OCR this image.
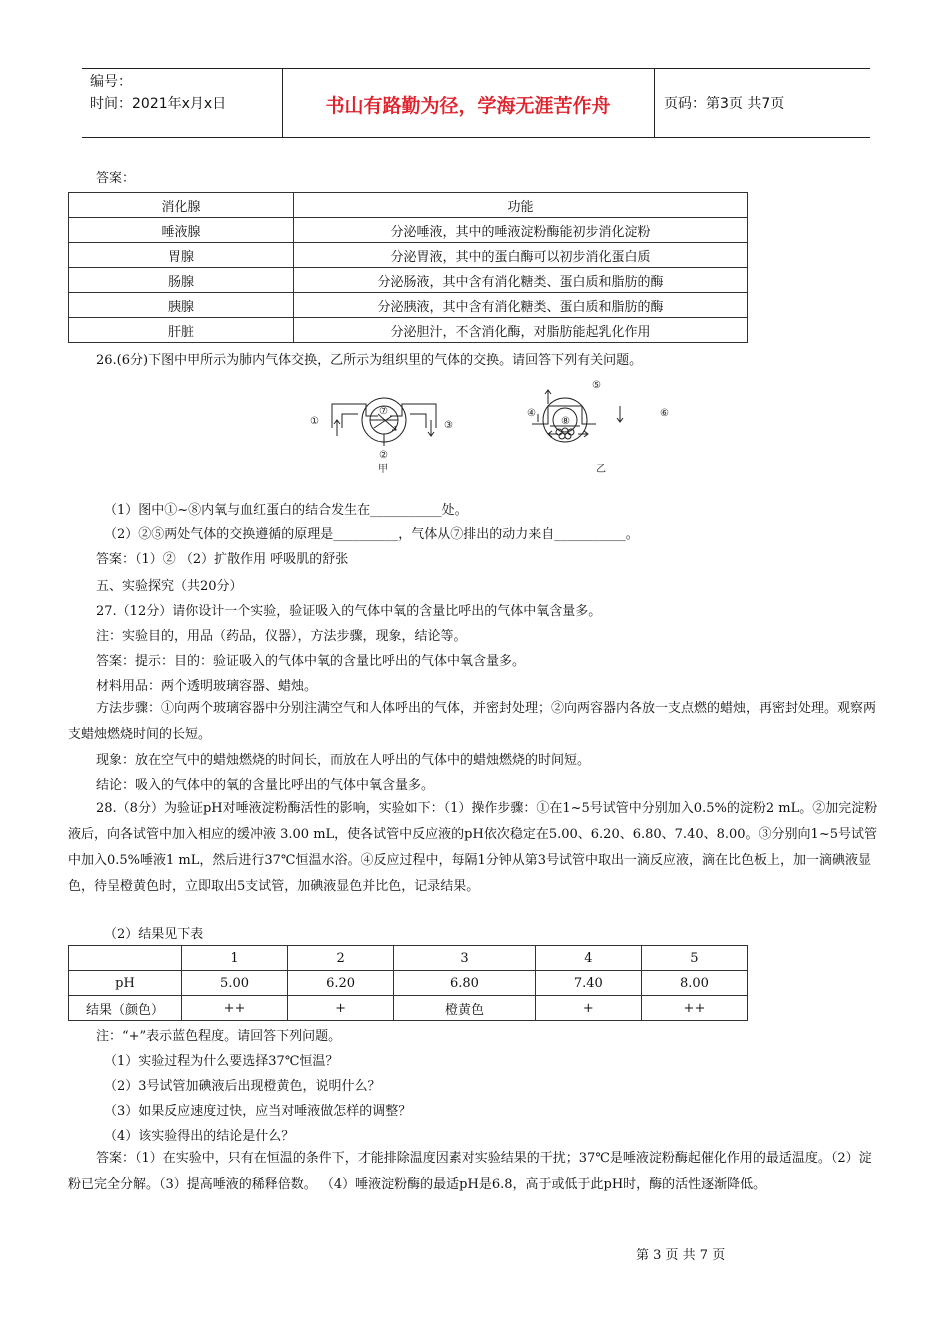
编号：
时间：2021年x月x日	书山有路勤为径，学海无涯苦作舟	页码：第3页 共7页
答案：
消化腺	功能
唾液腺	分泌唾液，其中的唾液淀粉酶能初步消化淀粉
胃腺	分泌胃液，其中的蛋白酶可以初步消化蛋白质
肠腺	分泌肠液，其中含有消化糖类、蛋白质和脂肪的酶
胰腺	分泌胰液，其中含有消化糖类、蛋白质和脂肪的酶
肝脏	分泌胆汁，不含消化酶，对脂肪能起乳化作用
26.(6分)下图中甲所示为肺内气体交换，乙所示为组织里的气体的交换。请回答下列有关问题。
①
②
③
⑦
甲
④
⑤
⑥
⑧
乙
（1）图中①~⑧内氧与血红蛋白的结合发生在___________处。
（2）②⑤两处气体的交换遵循的原理是__________，气体从⑦排出的动力来自___________。
答案：（1）② （2）扩散作用 呼吸肌的舒张
五、实验探究（共20分）
27.（12分）请你设计一个实验，验证吸入的气体中氧的含量比呼出的气体中氧含量多。
注：实验目的，用品（药品，仪器），方法步骤，现象，结论等。
答案：提示：目的：验证吸入的气体中氧的含量比呼出的气体中氧含量多。
材料用品：两个透明玻璃容器、蜡烛。
方法步骤：①向两个玻璃容器中分别注满空气和人体呼出的气体，并密封处理；②向两容器内各放一支点燃的蜡烛，再密封处理。观察两支蜡烛燃烧时间的长短。
现象：放在空气中的蜡烛燃烧的时间长，而放在人呼出的气体中的蜡烛燃烧的时间短。
结论：吸入的气体中的氧的含量比呼出的气体中氧含量多。
28.（8分）为验证pH对唾液淀粉酶活性的影响，实验如下：（1）操作步骤：①在1~5号试管中分别加入0.5%的淀粉2 mL。②加完淀粉液后，向各试管中加入相应的缓冲液 3.00 mL，使各试管中反应液的pH依次稳定在5.00、6.20、6.80、7.40、8.00。③分别向1~5号试管中加入0.5%唾液1 mL，然后进行37℃恒温水浴。④反应过程中，每隔1分钟从第3号试管中取出一滴反应液，滴在比色板上，加一滴碘液显色，待呈橙黄色时，立即取出5支试管，加碘液显色并比色，记录结果。
（2）结果见下表
	1	2	3	4	5
pH	5.00	6.20	6.80	7.40	8.00
结果（颜色）	++	+	橙黄色	+	++
注：“+”表示蓝色程度。请回答下列问题。
（1）实验过程为什么要选择37℃恒温？
（2）3号试管加碘液后出现橙黄色，说明什么？
（3）如果反应速度过快，应当对唾液做怎样的调整？
（4）该实验得出的结论是什么？
答案：（1）在实验中，只有在恒温的条件下，才能排除温度因素对实验结果的干扰；37℃是唾液淀粉酶起催化作用的最适温度。（2）淀粉已完全分解。（3）提高唾液的稀释倍数。 （4）唾液淀粉酶的最适pH是6.8，高于或低于此pH时，酶的活性逐渐降低。
第 3 页 共 7 页
